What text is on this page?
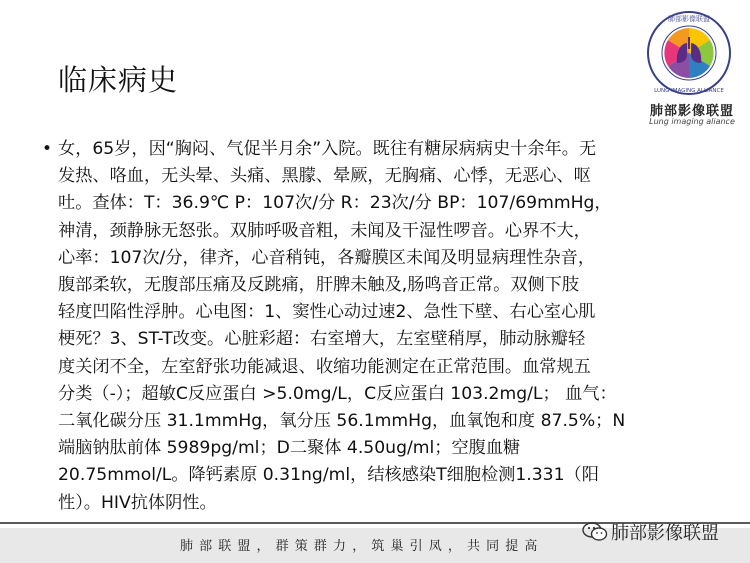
临床病史
肺部影像联盟
LUNG IMAGING ALLIANCE
肺部影像联盟
Lung imaging aliance
• 女，65岁，因“胸闷、气促半月余”入院。既往有糖尿病病史十余年。无
发热、咯血，无头晕、头痛、黑朦、晕厥，无胸痛、心悸，无恶心、呕
吐。查体：T：36.9℃ P：107次/分 R：23次/分 BP：107/69mmHg，
神清，颈静脉无怒张。双肺呼吸音粗，未闻及干湿性啰音。心界不大，
心率：107次/分，律齐，心音稍钝，各瓣膜区未闻及明显病理性杂音，
腹部柔软，无腹部压痛及反跳痛，肝脾未触及,肠鸣音正常。双侧下肢
轻度凹陷性浮肿。心电图：1、窦性心动过速2、急性下壁、右心室心肌
梗死？3、ST-T改变。心脏彩超：右室增大，左室壁稍厚，肺动脉瓣轻
度关闭不全，左室舒张功能减退、收缩功能测定在正常范围。血常规五
分类（-）；超敏C反应蛋白 >5.0mg/L，C反应蛋白 103.2mg/L； 血气：
二氧化碳分压 31.1mmHg，氧分压 56.1mmHg，血氧饱和度 87.5%；N
端脑钠肽前体 5989pg/ml；D二聚体 4.50ug/ml；空腹血糖
20.75mmol/L。降钙素原 0.31ng/ml，结核感染T细胞检测1.331（阳
性）。HIV抗体阴性。
肺 部 联 盟 ， 群 策 群 力 ， 筑 巢 引 凤 ， 共 同 提 高
肺部影像联盟
